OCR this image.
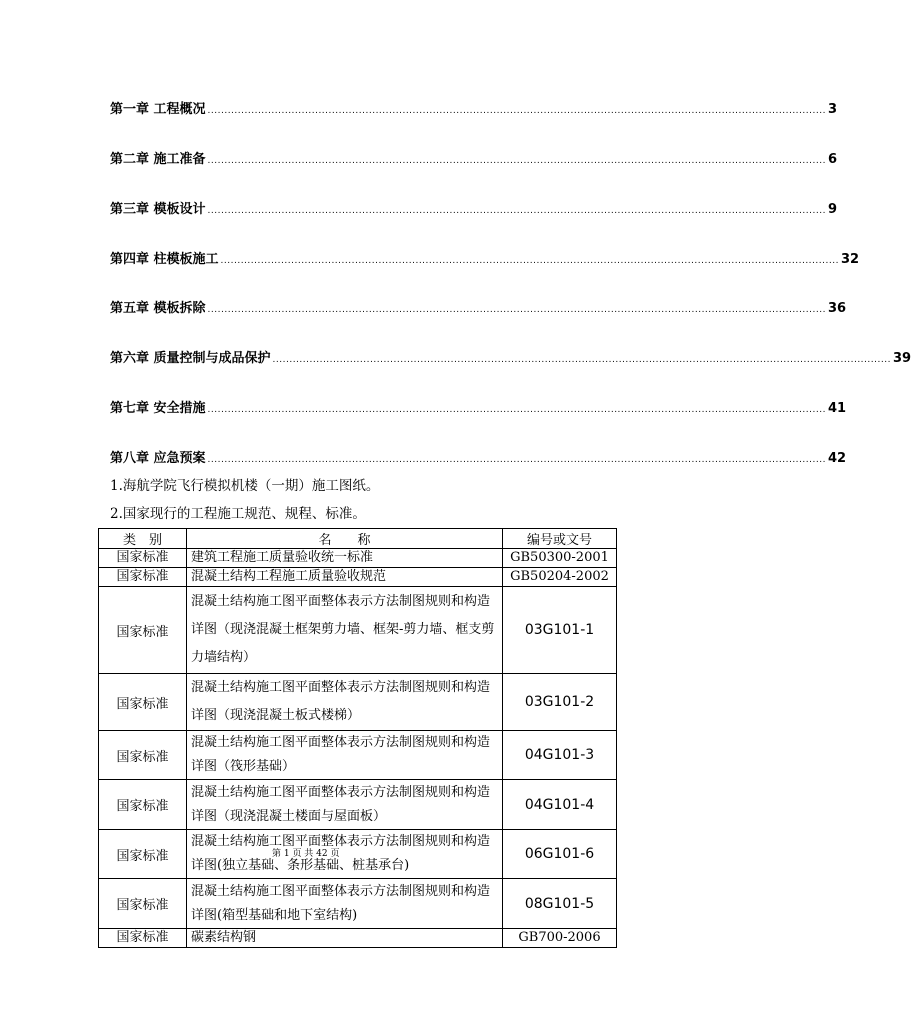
第一章 工程概况 ........................................................................................................................................................................................ 3
第二章 施工准备 ........................................................................................................................................................................................ 6
第三章 模板设计 ........................................................................................................................................................................................ 9
第四章 柱模板施工 ........................................................................................................................................................................................ 32
第五章 模板拆除 ........................................................................................................................................................................................ 36
第六章 质量控制与成品保护 ........................................................................................................................................................................................ 39
第七章 安全措施 ........................................................................................................................................................................................ 41
第八章 应急预案 ........................................................................................................................................................................................ 42
1.海航学院飞行模拟机楼（一期）施工图纸。
2.国家现行的工程施工规范、规程、标准。
类　别	名　　称	编号或文号
国家标准	建筑工程施工质量验收统一标准	GB50300-2001
国家标准	混凝土结构工程施工质量验收规范	GB50204-2002
国家标准	混凝土结构施工图平面整体表示方法制图规则和构造详图（现浇混凝土框架剪力墙、框架-剪力墙、框支剪力墙结构）	03G101-1
国家标准	混凝土结构施工图平面整体表示方法制图规则和构造详图（现浇混凝土板式楼梯）	03G101-2
国家标准	混凝土结构施工图平面整体表示方法制图规则和构造详图（筏形基础）	04G101-3
国家标准	混凝土结构施工图平面整体表示方法制图规则和构造详图（现浇混凝土楼面与屋面板）	04G101-4
国家标准	混凝土结构施工图平面整体表示方法制图规则和构造详图(独立基础、条形基础、桩基承台)	06G101-6
国家标准	混凝土结构施工图平面整体表示方法制图规则和构造详图(箱型基础和地下室结构)	08G101-5
国家标准	碳素结构钢	GB700-2006
第 1 页 共 42 页
